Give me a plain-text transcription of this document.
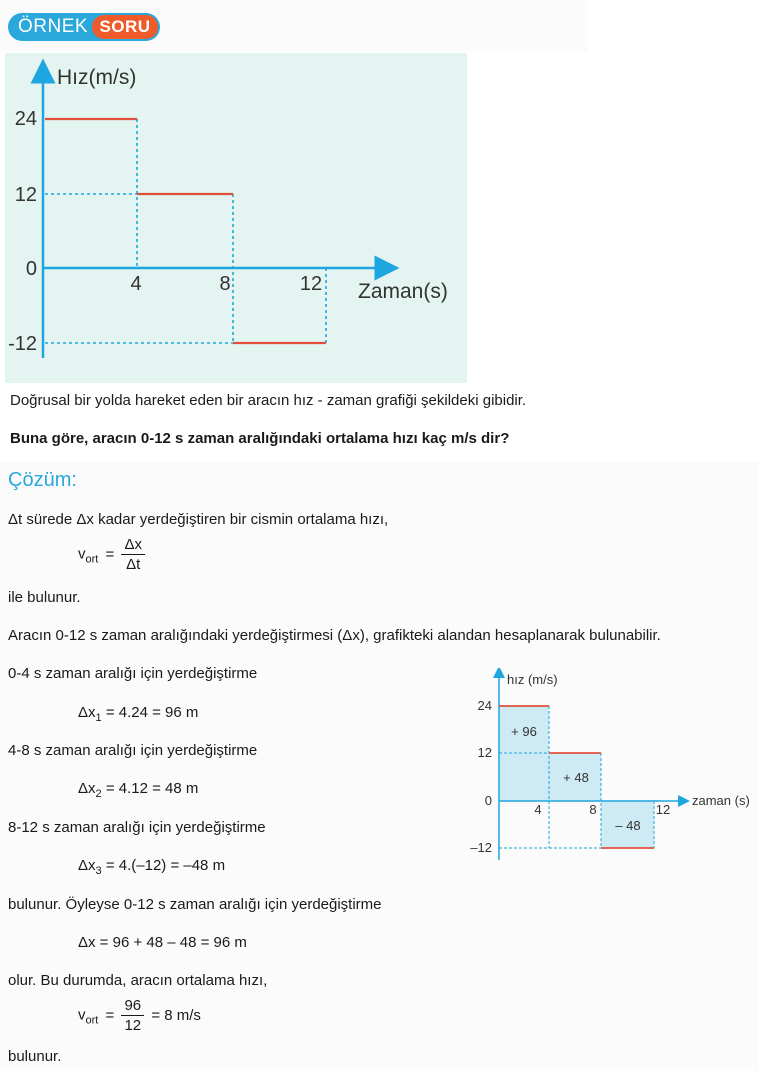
ÖRNEK SORU
Hız(m/s)
Zaman(s)
24
12
0
-12
4	8	12
Doğrusal bir yolda hareket eden bir aracın hız - zaman grafiği şekildeki gibidir.
Buna göre, aracın 0-12 s zaman aralığındaki ortalama hızı kaç m/s dir?
Çözüm:
Δt sürede Δx kadar yerdeğiştiren bir cismin ortalama hızı,
$v_{ort} = \frac{\Delta x}{\Delta t}$
ile bulunur.
Aracın 0-12 s zaman aralığındaki yerdeğiştirmesi (Δx), grafikteki alandan hesaplanarak bulunabilir.
0-4 s zaman aralığı için yerdeğiştirme
$\Delta x_1 = 4.24 = 96$ m
4-8 s zaman aralığı için yerdeğiştirme
$\Delta x_2 = 4.12 = 48$ m
8-12 s zaman aralığı için yerdeğiştirme
$\Delta x_3 = 4.(-12) = -48$ m
bulunur. Öyleyse 0-12 s zaman aralığı için yerdeğiştirme
Δx = 96 + 48 – 48 = 96 m
olur. Bu durumda, aracın ortalama hızı,
$v_{ort} = \frac{96}{12} = 8$ m/s
bulunur.
hız (m/s)
zaman (s)
24
12
0
–12
4	8	12
+ 96
+ 48
– 48
